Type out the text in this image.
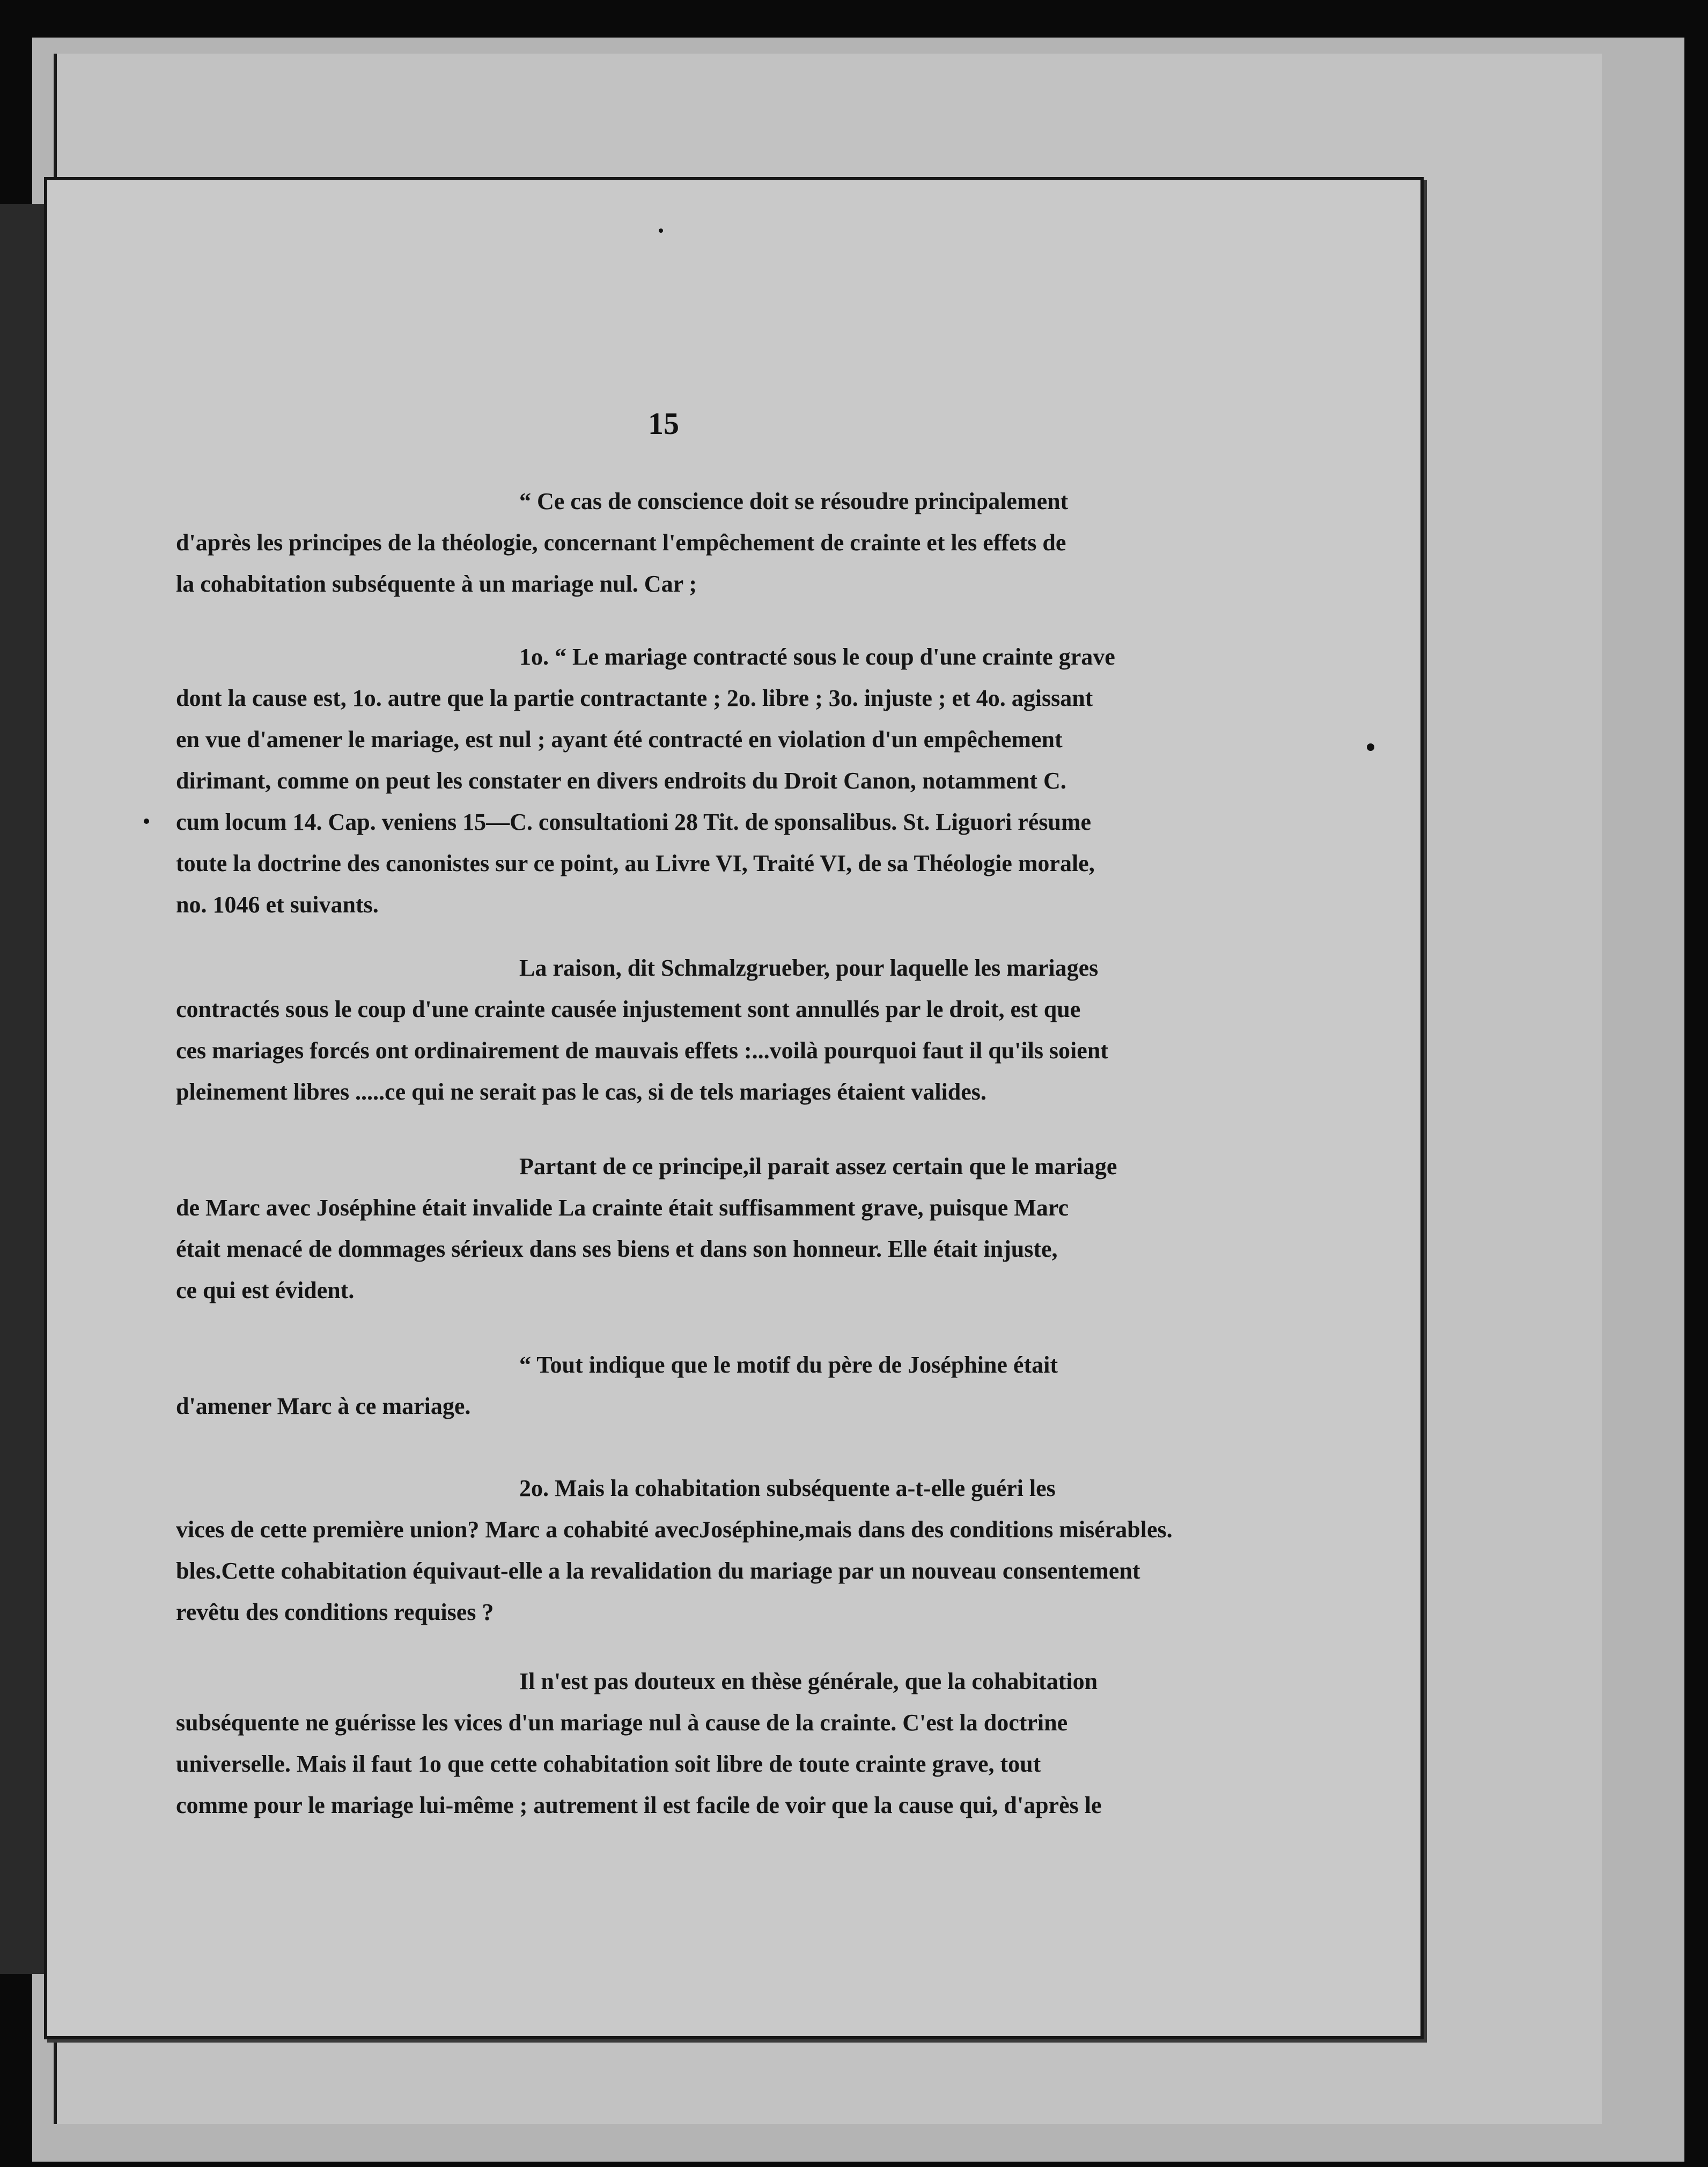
15

“ Ce cas de conscience doit se résoudre principalement
d'après les principes de la théologie, concernant l'empêchement de crainte et les effets de
la cohabitation subséquente à un mariage nul. Car ;

1o. “ Le mariage contracté sous le coup d'une crainte grave
dont la cause est, 1o. autre que la partie contractante ; 2o. libre ; 3o. injuste ; et 4o. agissant
en vue d'amener le mariage, est nul ; ayant été contracté en violation d'un empêchement
dirimant, comme on peut les constater en divers endroits du Droit Canon, notamment C.
cum locum 14. Cap. veniens 15—C. consultationi 28 Tit. de sponsalibus. St. Liguori résume
toute la doctrine des canonistes sur ce point, au Livre VI, Traité VI, de sa Théologie morale,
no. 1046 et suivants.

La raison, dit Schmalzgrueber, pour laquelle les mariages
contractés sous le coup d'une crainte causée injustement sont annullés par le droit, est que
ces mariages forcés ont ordinairement de mauvais effets :...voilà pourquoi faut il qu'ils soient
pleinement libres .....ce qui ne serait pas le cas, si de tels mariages étaient valides.

Partant de ce principe,il parait assez certain que le mariage
de Marc avec Joséphine était invalide La crainte était suffisamment grave, puisque Marc
était menacé de dommages sérieux dans ses biens et dans son honneur. Elle était injuste,
ce qui est évident.

“ Tout indique que le motif du père de Joséphine était
d'amener Marc à ce mariage.

2o. Mais la cohabitation subséquente a-t-elle guéri les
vices de cette première union? Marc a cohabité avecJoséphine,mais dans des conditions misérables.
bles.Cette cohabitation équivaut-elle a la revalidation du mariage par un nouveau consentement
revêtu des conditions requises ?

Il n'est pas douteux en thèse générale, que la cohabitation
subséquente ne guérisse les vices d'un mariage nul à cause de la crainte. C'est la doctrine
universelle. Mais il faut 1o que cette cohabitation soit libre de toute crainte grave, tout
comme pour le mariage lui-même ; autrement il est facile de voir que la cause qui, d'après le
